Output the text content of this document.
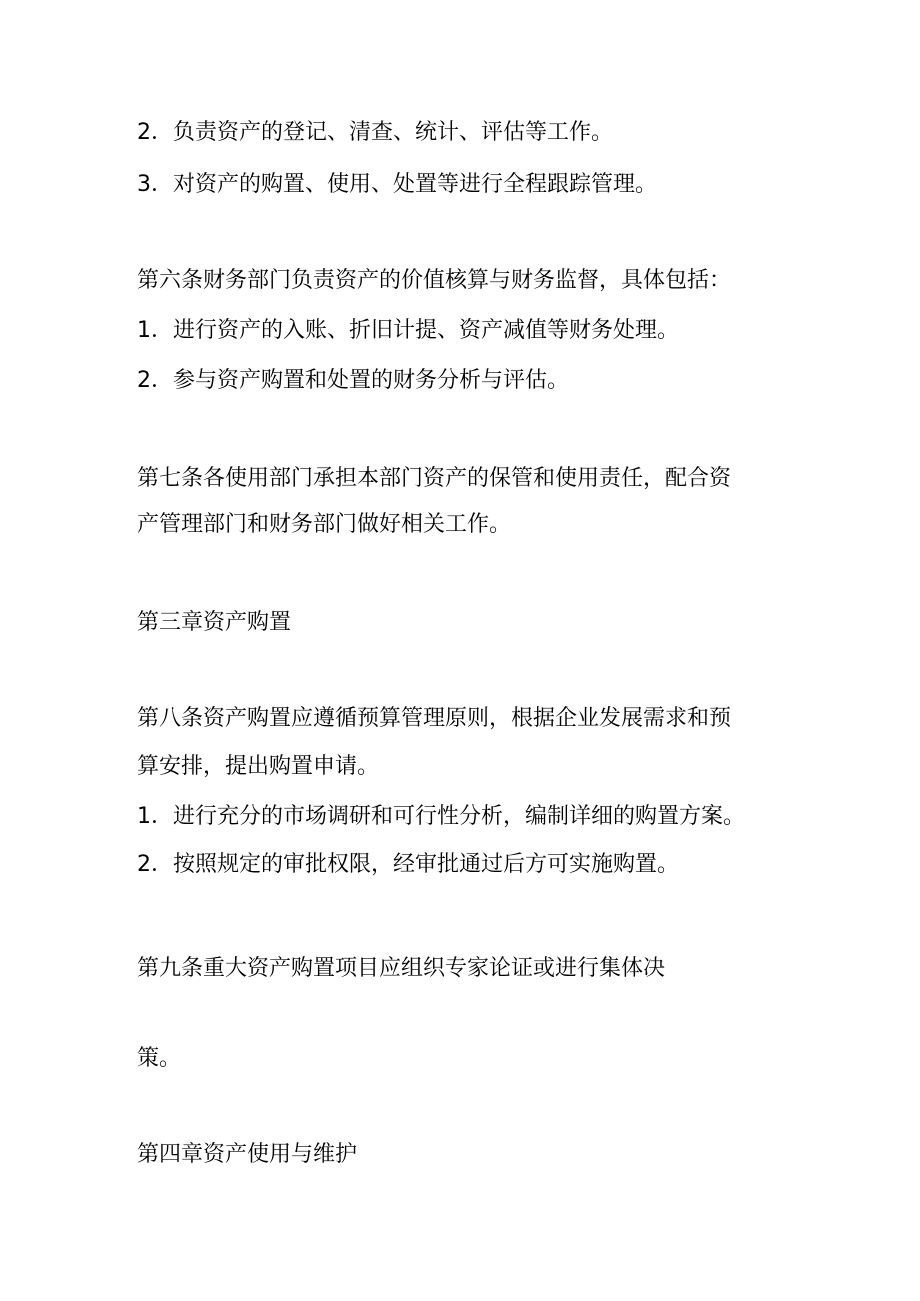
2．负责资产的登记、清查、统计、评估等工作。
3．对资产的购置、使用、处置等进行全程跟踪管理。
第六条财务部门负责资产的价值核算与财务监督，具体包括：
1．进行资产的入账、折旧计提、资产减值等财务处理。
2．参与资产购置和处置的财务分析与评估。
第七条各使用部门承担本部门资产的保管和使用责任，配合资
产管理部门和财务部门做好相关工作。
第三章资产购置
第八条资产购置应遵循预算管理原则，根据企业发展需求和预
算安排，提出购置申请。
1．进行充分的市场调研和可行性分析，编制详细的购置方案。
2．按照规定的审批权限，经审批通过后方可实施购置。
第九条重大资产购置项目应组织专家论证或进行集体决
策。
第四章资产使用与维护
